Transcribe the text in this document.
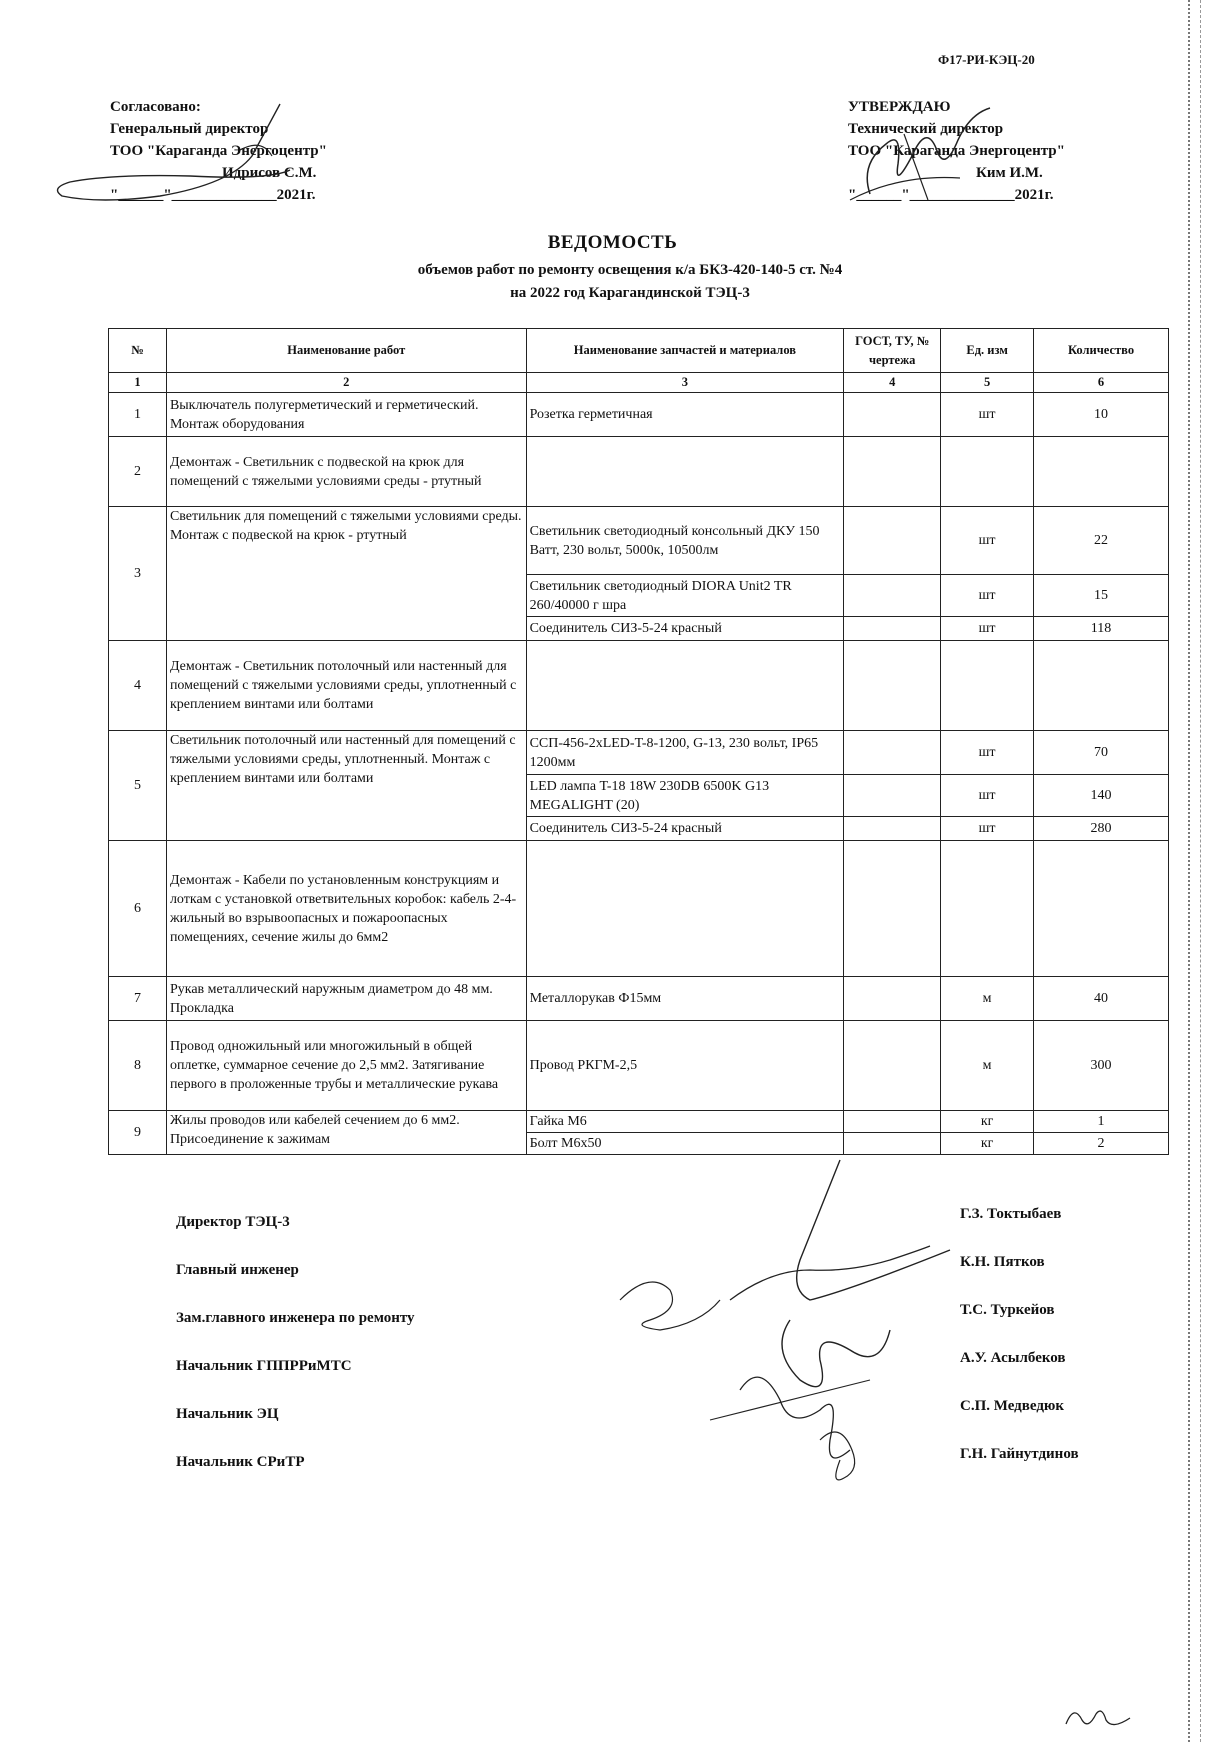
Ф17-РИ-КЭЦ-20
Согласовано:
Генеральный директор
ТОО "Караганда Энергоцентр"
Идрисов С.М.
"______"______________2021г.
УТВЕРЖДАЮ
Технический директор
ТОО "Караганда Энергоцентр"
Ким И.М.
"______"______________2021г.
ВЕДОМОСТЬ
объемов работ по ремонту освещения к/а БКЗ-420-140-5 ст. №4
на 2022 год Карагандинской ТЭЦ-3
№	Наименование работ	Наименование запчастей и материалов	ГОСТ, ТУ, № чертежа	Ед. изм	Количество
1	2	3	4	5	6
1	Выключатель полугерметический и герметический. Монтаж оборудования	Розетка герметичная		шт	10
2	Демонтаж - Светильник с подвеской на крюк для помещений с тяжелыми условиями среды - ртутный				
3	Светильник для помещений с тяжелыми условиями среды. Монтаж с подвеской на крюк - ртутный	Светильник светодиодный консольный ДКУ 150 Ватт, 230 вольт, 5000к, 10500лм		шт	22
		Светильник светодиодный DIORA Unit2 TR 260/40000 г шра		шт	15
		Соединитель СИЗ-5-24 красный		шт	118
4	Демонтаж - Светильник потолочный или настенный для помещений с тяжелыми условиями среды, уплотненный с креплением винтами или болтами				
5	Светильник потолочный или настенный для помещений с тяжелыми условиями среды, уплотненный. Монтаж с креплением винтами или болтами	ССП-456-2xLED-T-8-1200, G-13, 230 вольт, IP65 1200мм		шт	70
		LED лампа T-18 18W 230DB 6500K G13 MEGALIGHT (20)		шт	140
		Соединитель СИЗ-5-24 красный		шт	280
6	Демонтаж - Кабели по установленным конструкциям и лоткам с установкой ответвительных коробок: кабель 2-4-жильный во взрывоопасных и пожароопасных помещениях, сечение жилы до 6мм2				
7	Рукав металлический наружным диаметром до 48 мм. Прокладка	Металлорукав Ф15мм		м	40
8	Провод одножильный или многожильный в общей оплетке, суммарное сечение до 2,5 мм2. Затягивание первого в проложенные трубы и металлические рукава	Провод РКГМ-2,5		м	300
9	Жилы проводов или кабелей сечением до 6 мм2. Присоединение к зажимам	Гайка М6		кг	1
		Болт М6х50		кг	2
Директор ТЭЦ-3	Г.З. Токтыбаев
Главный инженер	К.Н. Пятков
Зам.главного инженера по ремонту	Т.С. Туркейов
Начальник ГППРРиМТС	А.У. Асылбеков
Начальник ЭЦ	С.П. Медведюк
Начальник СРиТР	Г.Н. Гайнутдинов
